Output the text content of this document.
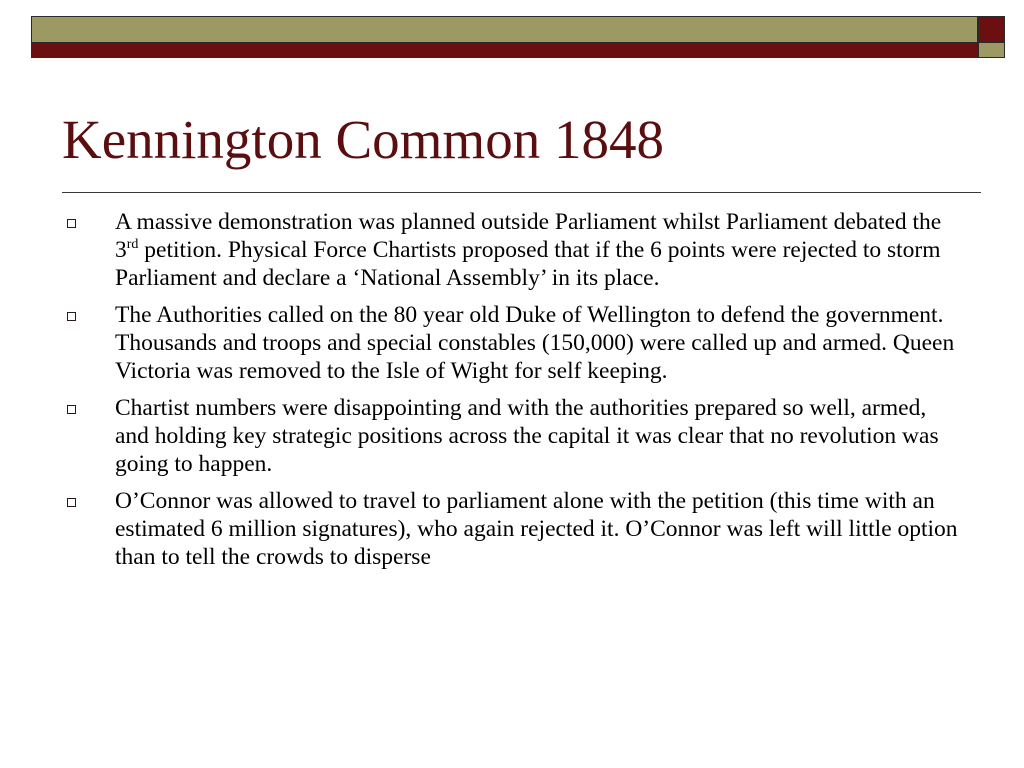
Kennington Common 1848
A massive demonstration was planned outside Parliament whilst Parliament debated the 3rd petition. Physical Force Chartists proposed that if the 6 points were rejected to storm Parliament and declare a ‘National Assembly’ in its place.
The Authorities called on the 80 year old Duke of Wellington to defend the government. Thousands and troops and special constables (150,000) were called up and armed. Queen Victoria was removed to the Isle of Wight for self keeping.
Chartist numbers were disappointing and with the authorities prepared so well, armed, and holding key strategic positions across the capital it was clear that no revolution was going to happen.
O’Connor was allowed to travel to parliament alone with the petition (this time with an estimated 6 million signatures), who again rejected it. O’Connor was left will little option than to tell the crowds to disperse
